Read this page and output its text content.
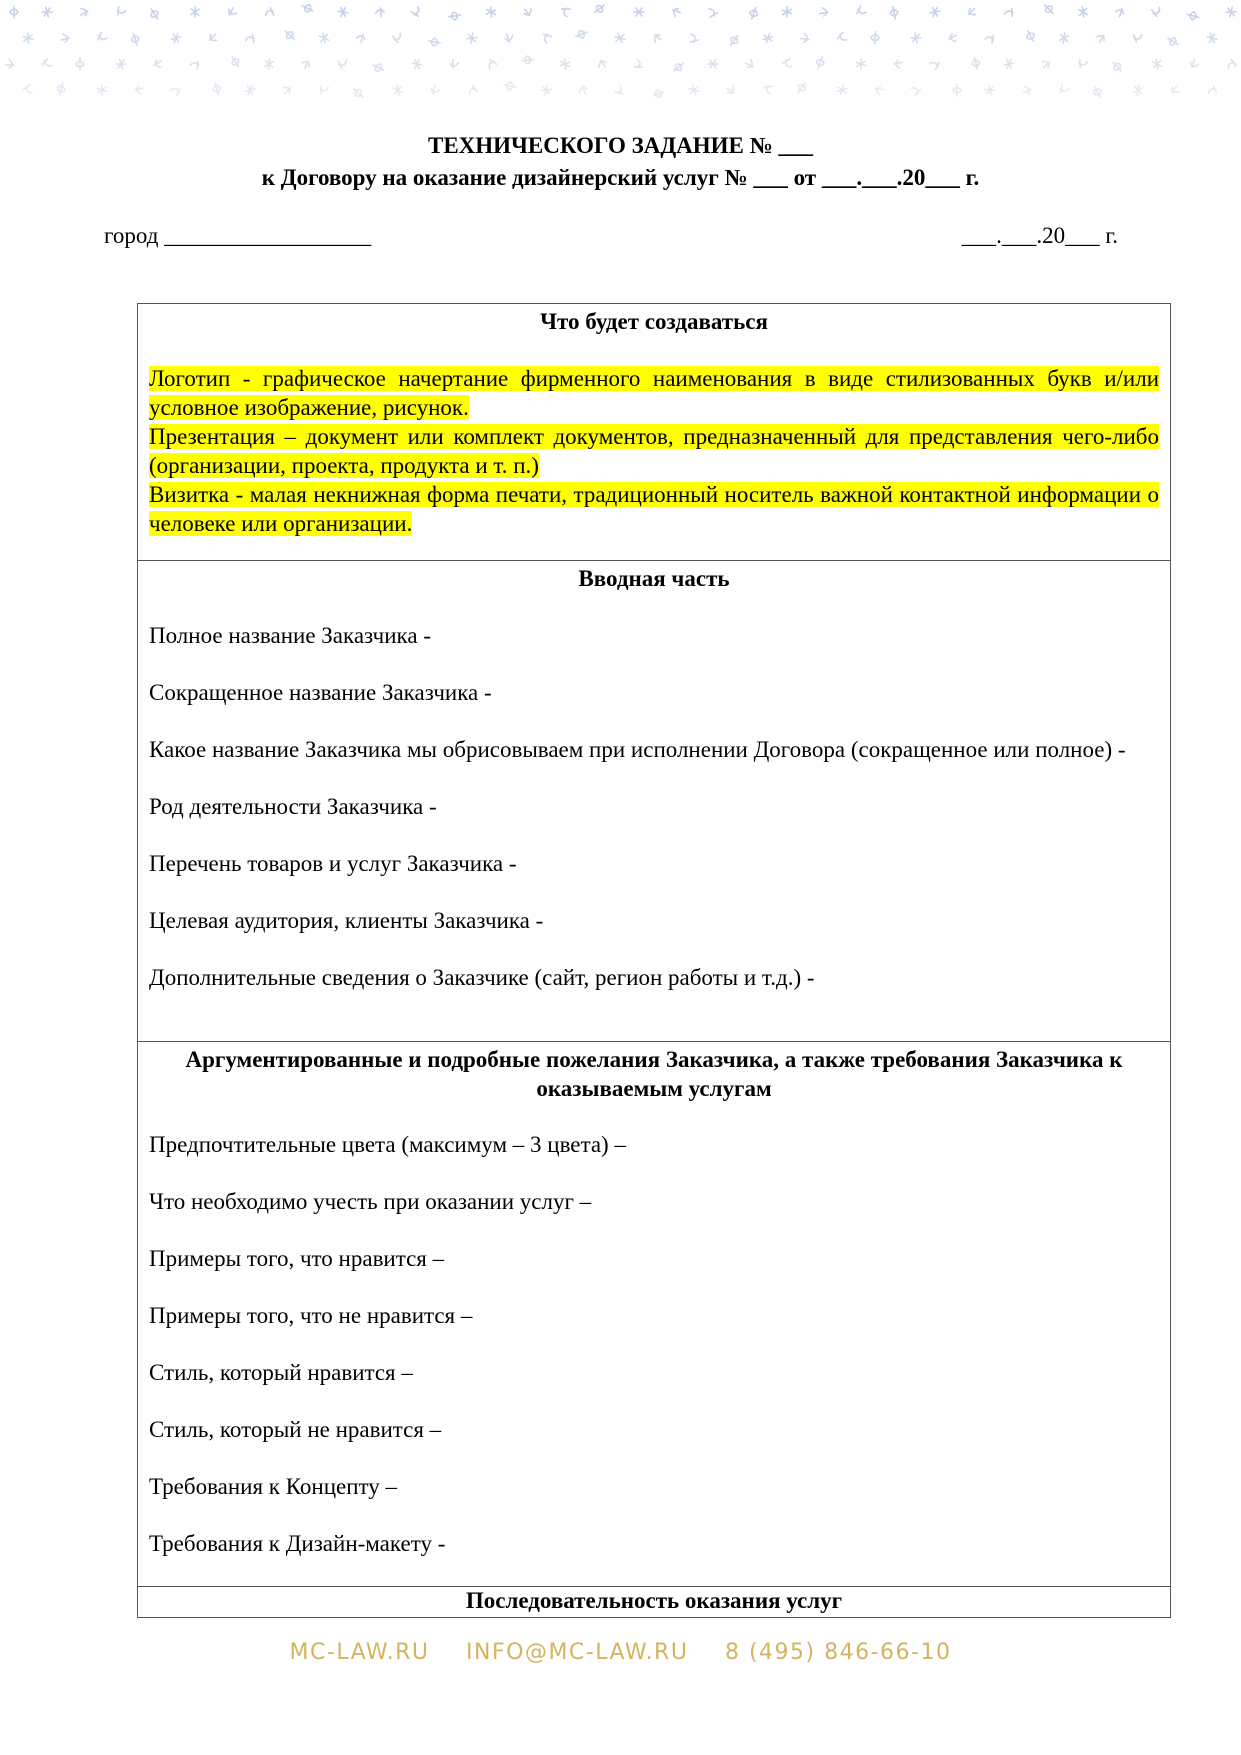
ТЕХНИЧЕСКОГО ЗАДАНИЕ № ___

к Договору на оказание дизайнерский услуг № ___ от ___.___.20___ г.

город __________________	___.___.20___ г.

Что будет создаваться

Логотип - графическое начертание фирменного наименования в виде стилизованных букв и/или условное изображение, рисунок.
Презентация – документ или комплект документов, предназначенный для представления чего-либо (организации, проекта, продукта и т. п.)
Визитка - малая некнижная форма печати, традиционный носитель важной контактной информации о человеке или организации.

Вводная часть

Полное название Заказчика -

Сокращенное название Заказчика -

Какое название Заказчика мы обрисовываем при исполнении Договора (сокращенное или полное) -

Род деятельности Заказчика -

Перечень товаров и услуг Заказчика -

Целевая аудитория, клиенты Заказчика -

Дополнительные сведения о Заказчике (сайт, регион работы и т.д.) -

Аргументированные и подробные пожелания Заказчика, а также требования Заказчика к оказываемым услугам

Предпочтительные цвета (максимум – 3 цвета) –

Что необходимо учесть при оказании услуг –

Примеры того, что нравится –

Примеры того, что не нравится –

Стиль, который нравится –

Стиль, который не нравится –

Требования к Концепту –

Требования к Дизайн-макету -

Последовательность оказания услуг

MC-LAW.RU INFO@MC-LAW.RU 8 (495) 846-66-10
